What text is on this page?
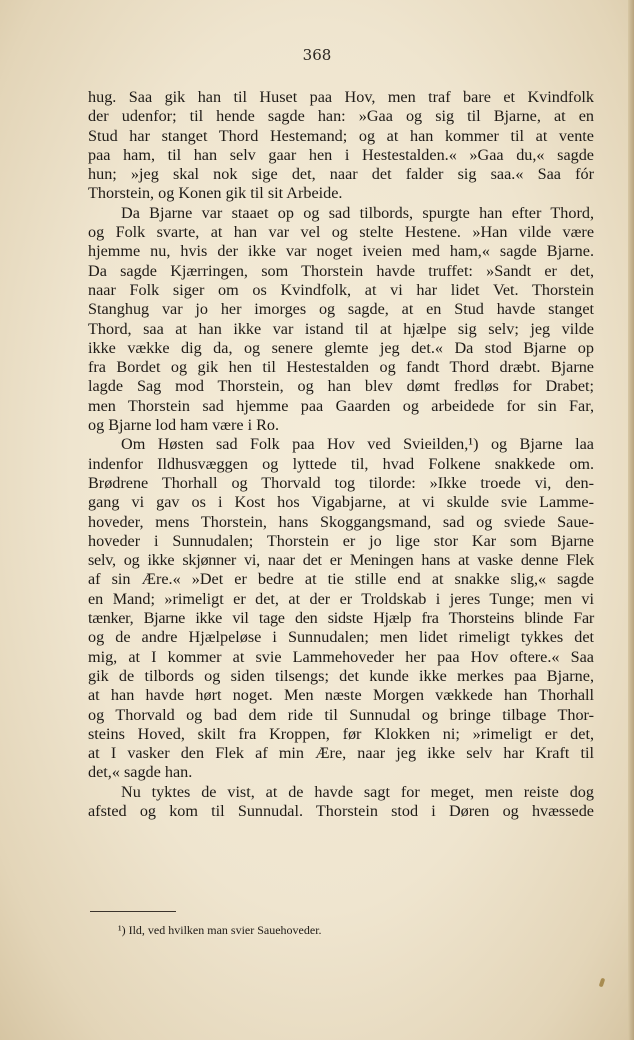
368
hug. Saa gik han til Huset paa Hov, men traf bare et Kvindfolk
der udenfor; til hende sagde han: »Gaa og sig til Bjarne, at en
Stud har stanget Thord Hestemand; og at han kommer til at vente
paa ham, til han selv gaar hen i Hestestalden.« »Gaa du,« sagde
hun; »jeg skal nok sige det, naar det falder sig saa.« Saa fór
Thorstein, og Konen gik til sit Arbeide.
Da Bjarne var staaet op og sad tilbords, spurgte han efter Thord,
og Folk svarte, at han var vel og stelte Hestene. »Han vilde være
hjemme nu, hvis der ikke var noget iveien med ham,« sagde Bjarne.
Da sagde Kjærringen, som Thorstein havde truffet: »Sandt er det,
naar Folk siger om os Kvindfolk, at vi har lidet Vet. Thorstein
Stanghug var jo her imorges og sagde, at en Stud havde stanget
Thord, saa at han ikke var istand til at hjælpe sig selv; jeg vilde
ikke vække dig da, og senere glemte jeg det.« Da stod Bjarne op
fra Bordet og gik hen til Hestestalden og fandt Thord dræbt. Bjarne
lagde Sag mod Thorstein, og han blev dømt fredløs for Drabet;
men Thorstein sad hjemme paa Gaarden og arbeidede for sin Far,
og Bjarne lod ham være i Ro.
Om Høsten sad Folk paa Hov ved Svieilden,¹) og Bjarne laa
indenfor Ildhusvæggen og lyttede til, hvad Folkene snakkede om.
Brødrene Thorhall og Thorvald tog tilorde: »Ikke troede vi, den-
gang vi gav os i Kost hos Vigabjarne, at vi skulde svie Lamme-
hoveder, mens Thorstein, hans Skoggangsmand, sad og sviede Saue-
hoveder i Sunnudalen; Thorstein er jo lige stor Kar som Bjarne
selv, og ikke skjønner vi, naar det er Meningen hans at vaske denne Flek
af sin Ære.« »Det er bedre at tie stille end at snakke slig,« sagde
en Mand; »rimeligt er det, at der er Troldskab i jeres Tunge; men vi
tænker, Bjarne ikke vil tage den sidste Hjælp fra Thorsteins blinde Far
og de andre Hjælpeløse i Sunnudalen; men lidet rimeligt tykkes det
mig, at I kommer at svie Lammehoveder her paa Hov oftere.« Saa
gik de tilbords og siden tilsengs; det kunde ikke merkes paa Bjarne,
at han havde hørt noget. Men næste Morgen vækkede han Thorhall
og Thorvald og bad dem ride til Sunnudal og bringe tilbage Thor-
steins Hoved, skilt fra Kroppen, før Klokken ni; »rimeligt er det,
at I vasker den Flek af min Ære, naar jeg ikke selv har Kraft til
det,« sagde han.
Nu tyktes de vist, at de havde sagt for meget, men reiste dog
afsted og kom til Sunnudal. Thorstein stod i Døren og hvæssede
¹) Ild, ved hvilken man svier Sauehoveder.
